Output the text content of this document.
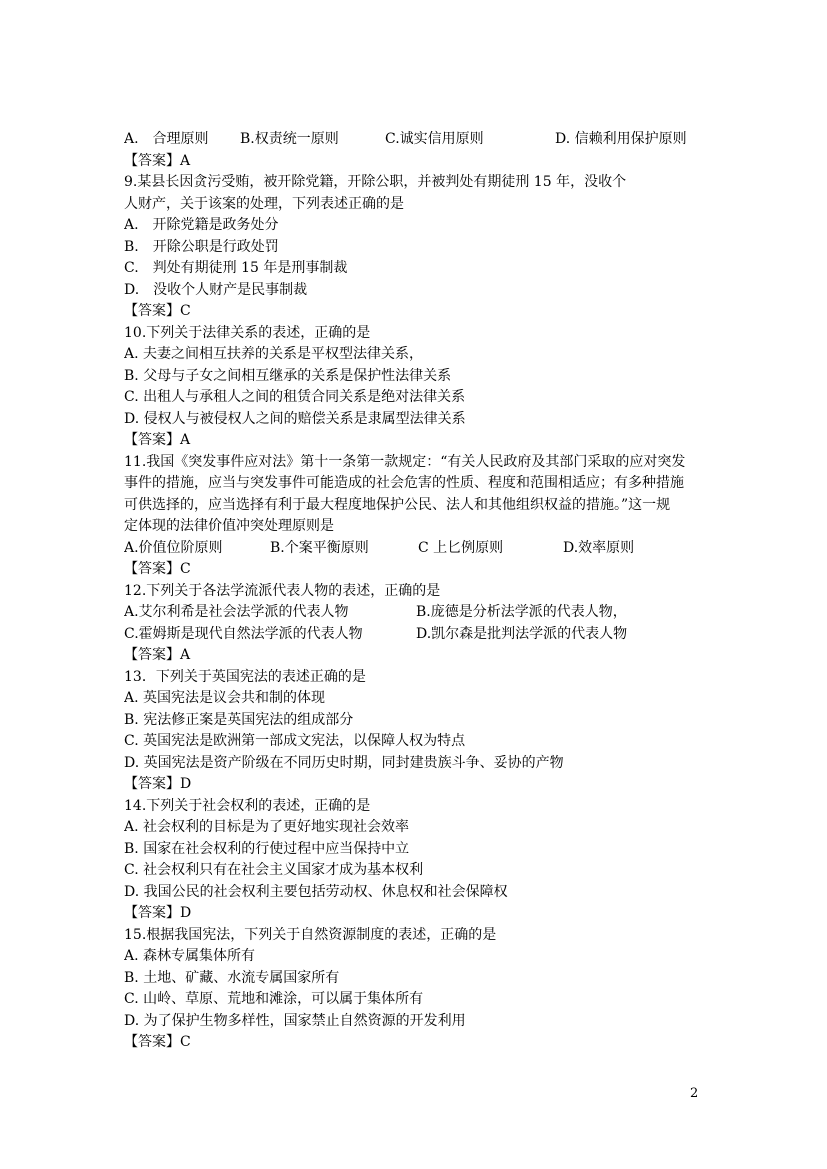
A.　合理原则	B.权责统一原则	C.诚实信用原则	D. 信赖利用保护原则
【答案】A
9.某县长因贪污受贿，被开除党籍，开除公职，并被判处有期徒刑 15 年，没收个
人财产，关于该案的处理，下列表述正确的是
A.　开除党籍是政务处分
B.　开除公职是行政处罚
C.　判处有期徒刑 15 年是刑事制裁
D.　没收个人财产是民事制裁
【答案】C
10.下列关于法律关系的表述，正确的是
A. 夫妻之间相互扶养的关系是平权型法律关系，
B. 父母与子女之间相互继承的关系是保护性法律关系
C. 出租人与承租人之间的租赁合同关系是绝对法律关系
D. 侵权人与被侵权人之间的赔偿关系是隶属型法律关系
【答案】A
11.我国《突发事件应对法》第十一条第一款规定：“有关人民政府及其部门采取的应对突发
事件的措施，应当与突发事件可能造成的社会危害的性质、程度和范围相适应；有多种措施
可供选择的，应当选择有利于最大程度地保护公民、法人和其他组织权益的措施。”这一规
定体现的法律价值冲突处理原则是
A.价值位阶原则	B.个案平衡原则	C 上匕例原则	D.效率原则
【答案】C
12.下列关于各法学流派代表人物的表述，正确的是
A.艾尔利希是社会法学派的代表人物	B.庞德是分析法学派的代表人物，
C.霍姆斯是现代自然法学派的代表人物	D.凯尔森是批判法学派的代表人物
【答案】A
13．下列关于英国宪法的表述正确的是
A. 英国宪法是议会共和制的体现
B. 宪法修正案是英国宪法的组成部分
C. 英国宪法是欧洲第一部成文宪法，以保障人权为特点
D. 英国宪法是资产阶级在不同历史时期，同封建贵族斗争、妥协的产物
【答案】D
14.下列关于社会权利的表述，正确的是
A. 社会权利的目标是为了更好地实现社会效率
B. 国家在社会权利的行使过程中应当保持中立
C. 社会权利只有在社会主义国家才成为基本权利
D. 我国公民的社会权利主要包括劳动权、休息权和社会保障权
【答案】D
15.根据我国宪法，下列关于自然资源制度的表述，正确的是
A. 森林专属集体所有
B. 土地、矿藏、水流专属国家所有
C. 山岭、草原、荒地和滩涂，可以属于集体所有
D. 为了保护生物多样性，国家禁止自然资源的开发利用
【答案】C
2
